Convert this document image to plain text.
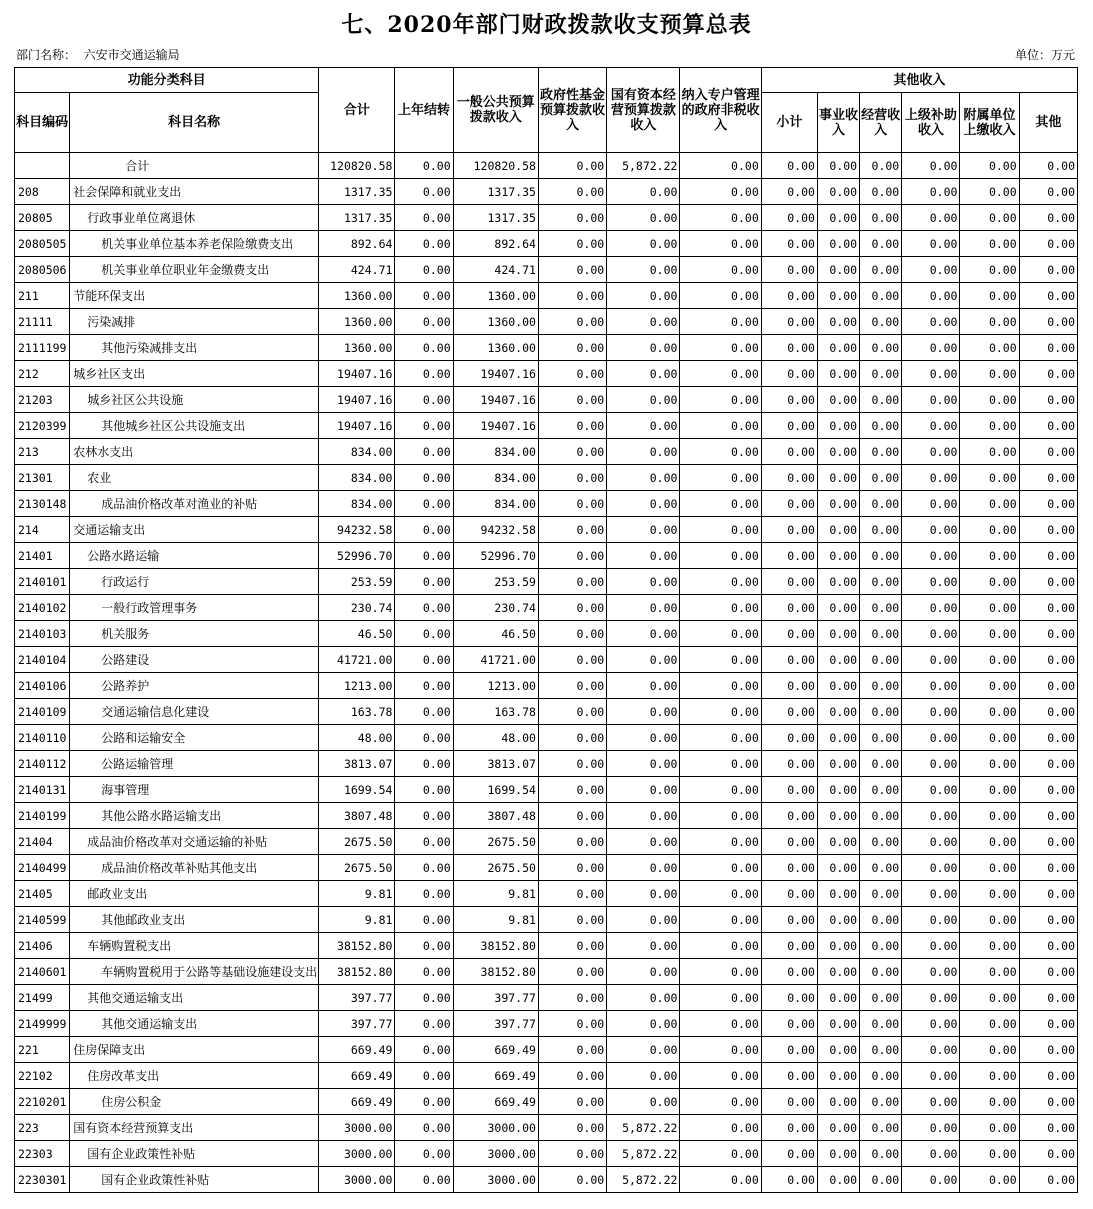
七、2020年部门财政拨款收支预算总表
部门名称： 六安市交通运输局	单位：万元
功能分类科目		合计	上年结转	一般公共预算拨款收入	政府性基金预算拨款收入	国有资本经营预算拨款收入	纳入专户管理的政府非税收入	其他收入					
科目编码	科目名称							小计	事业收入	经营收入	上级补助收入	附属单位上缴收入	其他
	合计	120820.58	0.00	120820.58	0.00	5,872.22	0.00	0.00	0.00	0.00	0.00	0.00	0.00
208	社会保障和就业支出	1317.35	0.00	1317.35	0.00	0.00	0.00	0.00	0.00	0.00	0.00	0.00	0.00
20805	行政事业单位离退休	1317.35	0.00	1317.35	0.00	0.00	0.00	0.00	0.00	0.00	0.00	0.00	0.00
2080505	机关事业单位基本养老保险缴费支出	892.64	0.00	892.64	0.00	0.00	0.00	0.00	0.00	0.00	0.00	0.00	0.00
2080506	机关事业单位职业年金缴费支出	424.71	0.00	424.71	0.00	0.00	0.00	0.00	0.00	0.00	0.00	0.00	0.00
211	节能环保支出	1360.00	0.00	1360.00	0.00	0.00	0.00	0.00	0.00	0.00	0.00	0.00	0.00
21111	污染减排	1360.00	0.00	1360.00	0.00	0.00	0.00	0.00	0.00	0.00	0.00	0.00	0.00
2111199	其他污染减排支出	1360.00	0.00	1360.00	0.00	0.00	0.00	0.00	0.00	0.00	0.00	0.00	0.00
212	城乡社区支出	19407.16	0.00	19407.16	0.00	0.00	0.00	0.00	0.00	0.00	0.00	0.00	0.00
21203	城乡社区公共设施	19407.16	0.00	19407.16	0.00	0.00	0.00	0.00	0.00	0.00	0.00	0.00	0.00
2120399	其他城乡社区公共设施支出	19407.16	0.00	19407.16	0.00	0.00	0.00	0.00	0.00	0.00	0.00	0.00	0.00
213	农林水支出	834.00	0.00	834.00	0.00	0.00	0.00	0.00	0.00	0.00	0.00	0.00	0.00
21301	农业	834.00	0.00	834.00	0.00	0.00	0.00	0.00	0.00	0.00	0.00	0.00	0.00
2130148	成品油价格改革对渔业的补贴	834.00	0.00	834.00	0.00	0.00	0.00	0.00	0.00	0.00	0.00	0.00	0.00
214	交通运输支出	94232.58	0.00	94232.58	0.00	0.00	0.00	0.00	0.00	0.00	0.00	0.00	0.00
21401	公路水路运输	52996.70	0.00	52996.70	0.00	0.00	0.00	0.00	0.00	0.00	0.00	0.00	0.00
2140101	行政运行	253.59	0.00	253.59	0.00	0.00	0.00	0.00	0.00	0.00	0.00	0.00	0.00
2140102	一般行政管理事务	230.74	0.00	230.74	0.00	0.00	0.00	0.00	0.00	0.00	0.00	0.00	0.00
2140103	机关服务	46.50	0.00	46.50	0.00	0.00	0.00	0.00	0.00	0.00	0.00	0.00	0.00
2140104	公路建设	41721.00	0.00	41721.00	0.00	0.00	0.00	0.00	0.00	0.00	0.00	0.00	0.00
2140106	公路养护	1213.00	0.00	1213.00	0.00	0.00	0.00	0.00	0.00	0.00	0.00	0.00	0.00
2140109	交通运输信息化建设	163.78	0.00	163.78	0.00	0.00	0.00	0.00	0.00	0.00	0.00	0.00	0.00
2140110	公路和运输安全	48.00	0.00	48.00	0.00	0.00	0.00	0.00	0.00	0.00	0.00	0.00	0.00
2140112	公路运输管理	3813.07	0.00	3813.07	0.00	0.00	0.00	0.00	0.00	0.00	0.00	0.00	0.00
2140131	海事管理	1699.54	0.00	1699.54	0.00	0.00	0.00	0.00	0.00	0.00	0.00	0.00	0.00
2140199	其他公路水路运输支出	3807.48	0.00	3807.48	0.00	0.00	0.00	0.00	0.00	0.00	0.00	0.00	0.00
21404	成品油价格改革对交通运输的补贴	2675.50	0.00	2675.50	0.00	0.00	0.00	0.00	0.00	0.00	0.00	0.00	0.00
2140499	成品油价格改革补贴其他支出	2675.50	0.00	2675.50	0.00	0.00	0.00	0.00	0.00	0.00	0.00	0.00	0.00
21405	邮政业支出	9.81	0.00	9.81	0.00	0.00	0.00	0.00	0.00	0.00	0.00	0.00	0.00
2140599	其他邮政业支出	9.81	0.00	9.81	0.00	0.00	0.00	0.00	0.00	0.00	0.00	0.00	0.00
21406	车辆购置税支出	38152.80	0.00	38152.80	0.00	0.00	0.00	0.00	0.00	0.00	0.00	0.00	0.00
2140601	车辆购置税用于公路等基础设施建设支出	38152.80	0.00	38152.80	0.00	0.00	0.00	0.00	0.00	0.00	0.00	0.00	0.00
21499	其他交通运输支出	397.77	0.00	397.77	0.00	0.00	0.00	0.00	0.00	0.00	0.00	0.00	0.00
2149999	其他交通运输支出	397.77	0.00	397.77	0.00	0.00	0.00	0.00	0.00	0.00	0.00	0.00	0.00
221	住房保障支出	669.49	0.00	669.49	0.00	0.00	0.00	0.00	0.00	0.00	0.00	0.00	0.00
22102	住房改革支出	669.49	0.00	669.49	0.00	0.00	0.00	0.00	0.00	0.00	0.00	0.00	0.00
2210201	住房公积金	669.49	0.00	669.49	0.00	0.00	0.00	0.00	0.00	0.00	0.00	0.00	0.00
223	国有资本经营预算支出	3000.00	0.00	3000.00	0.00	5,872.22	0.00	0.00	0.00	0.00	0.00	0.00	0.00
22303	国有企业政策性补贴	3000.00	0.00	3000.00	0.00	5,872.22	0.00	0.00	0.00	0.00	0.00	0.00	0.00
2230301	国有企业政策性补贴	3000.00	0.00	3000.00	0.00	5,872.22	0.00	0.00	0.00	0.00	0.00	0.00	0.00
